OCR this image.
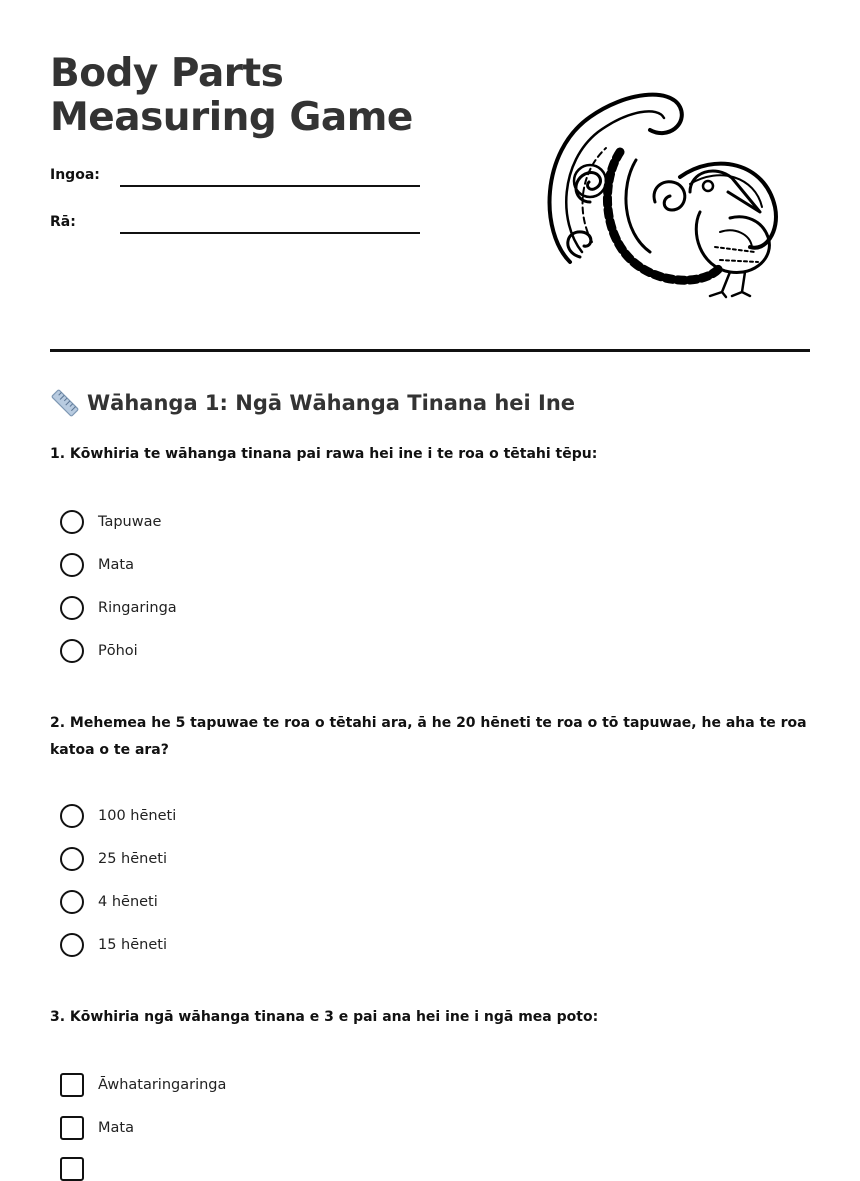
Body Parts Measuring Game
Ingoa:
Rā:
Wāhanga 1: Ngā Wāhanga Tinana hei Ine

1. Kōwhiria te wāhanga tinana pai rawa hei ine i te roa o tētahi tēpu:

Tapuwae
Mata
Ringaringa
Pōhoi

2. Mehemea he 5 tapuwae te roa o tētahi ara, ā he 20 hēneti te roa o tō tapuwae, he aha te roa katoa o te ara?

100 hēneti
25 hēneti
4 hēneti
15 hēneti

3. Kōwhiria ngā wāhanga tinana e 3 e pai ana hei ine i ngā mea poto:

Āwhataringaringa
Mata
